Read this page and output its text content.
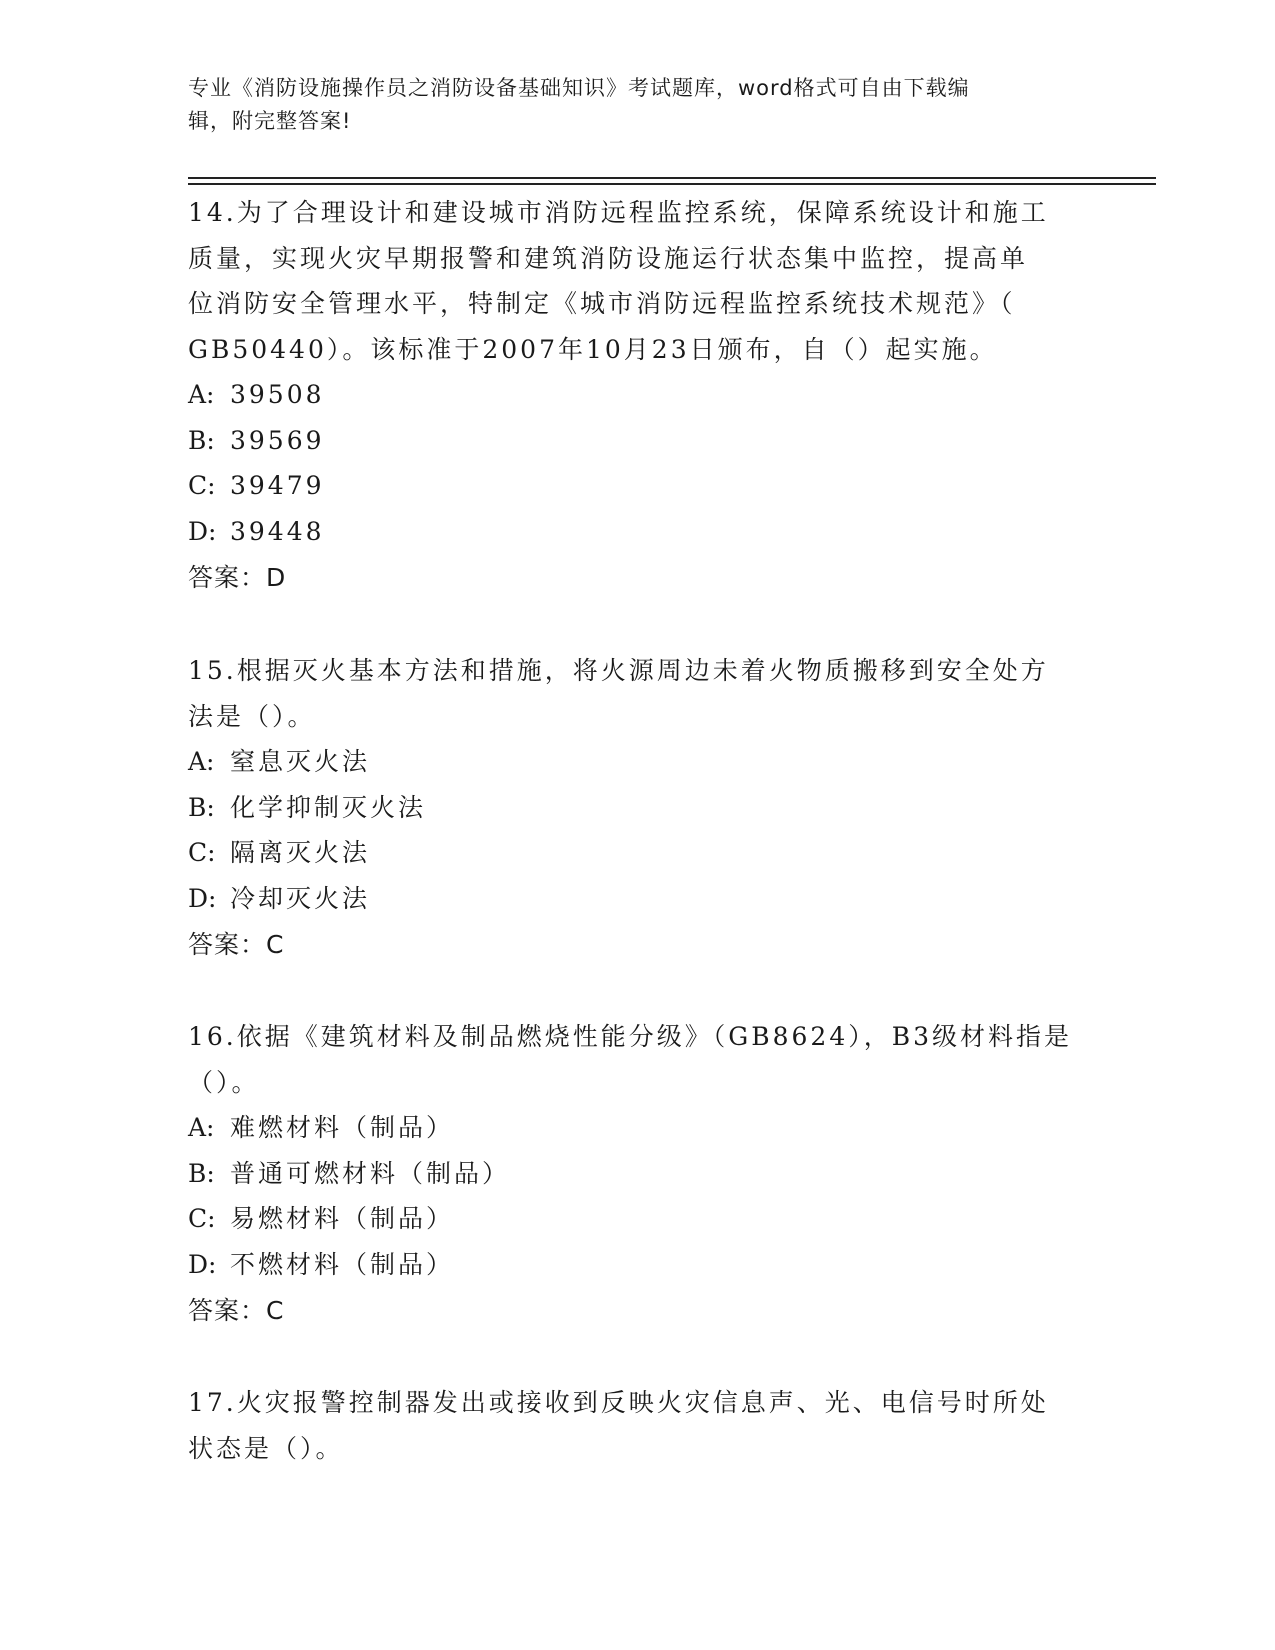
专业《消防设施操作员之消防设备基础知识》考试题库，word格式可自由下载编
辑，附完整答案!

14.为了合理设计和建设城市消防远程监控系统，保障系统设计和施工

质量，实现火灾早期报警和建筑消防设施运行状态集中监控，提高单

位消防安全管理水平，特制定《城市消防远程监控系统技术规范》（

GB50440）。该标准于2007年10月23日颁布，自（）起实施。

A: 39508

B: 39569

C: 39479

D: 39448

答案：D

15.根据灭火基本方法和措施，将火源周边未着火物质搬移到安全处方

法是（）。

A: 窒息灭火法

B: 化学抑制灭火法

C: 隔离灭火法

D: 冷却灭火法

答案：C

16.依据《建筑材料及制品燃烧性能分级》（GB8624），B3级材料指是

（）。

A: 难燃材料（制品）

B: 普通可燃材料（制品）

C: 易燃材料（制品）

D: 不燃材料（制品）

答案：C

17.火灾报警控制器发出或接收到反映火灾信息声、光、电信号时所处

状态是（）。
